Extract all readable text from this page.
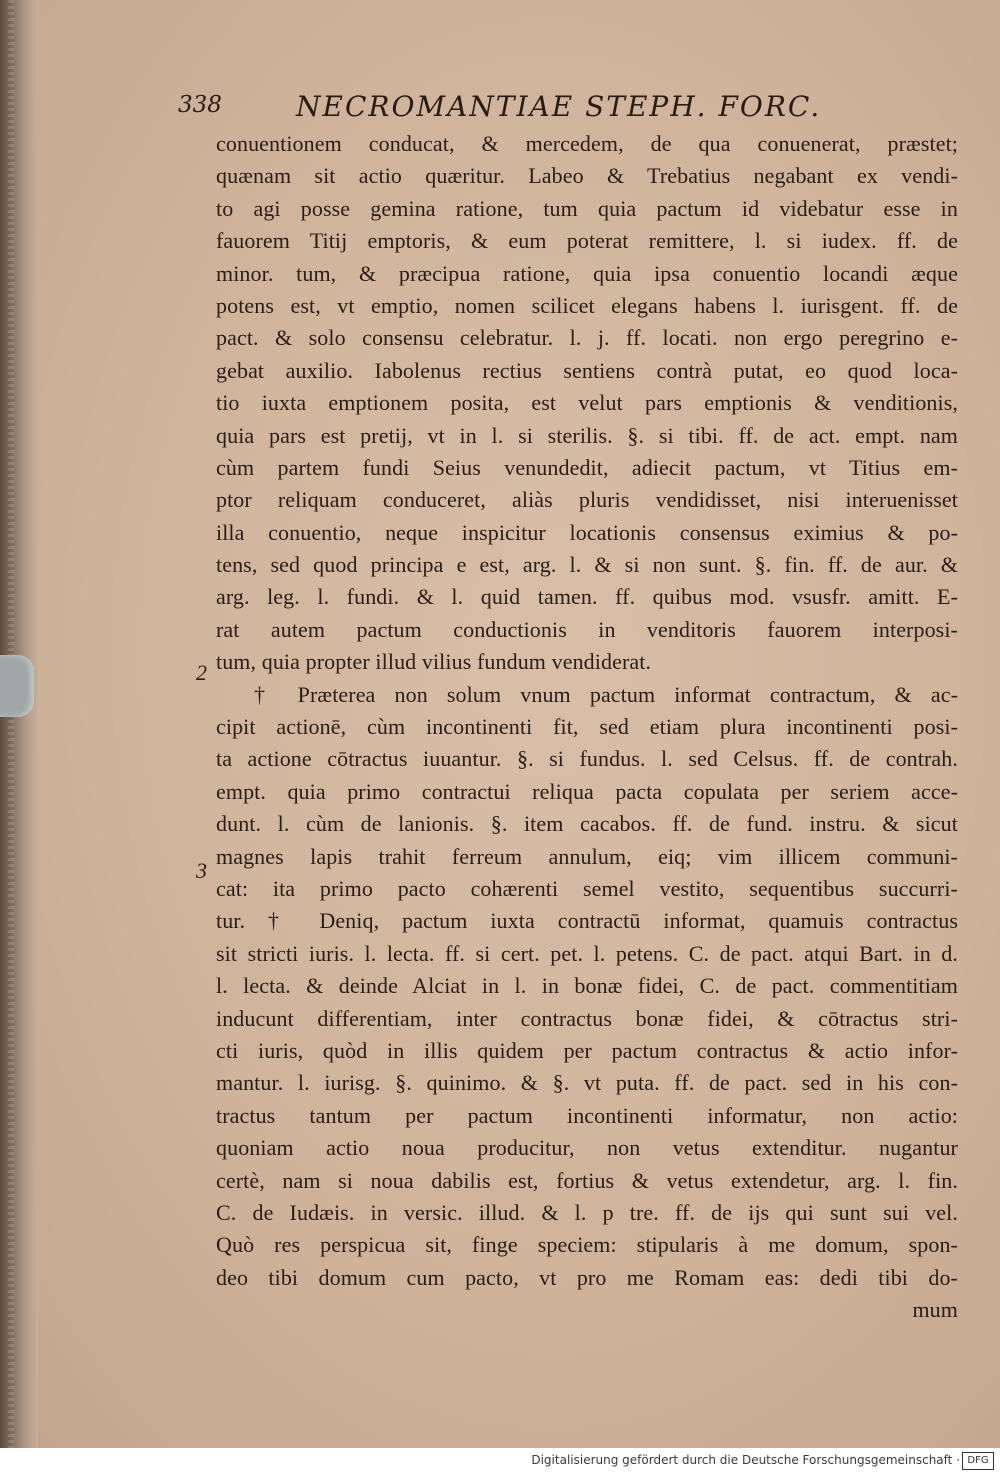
338	NECROMANTIAE STEPH. FORC.
2
3
conuentionem conducat, & mercedem, de qua conuenerat, præstet;
quænam sit actio quæritur. Labeo & Trebatius negabant ex vendi-
to agi posse gemina ratione, tum quia pactum id videbatur esse in
fauorem Titij emptoris, & eum poterat remittere, l. si iudex. ff. de
minor. tum, & præcipua ratione, quia ipsa conuentio locandi æque
potens est, vt emptio, nomen scilicet elegans habens l. iurisgent. ff. de
pact. & solo consensu celebratur. l. j. ff. locati. non ergo peregrino e-
gebat auxilio. Iabolenus rectius sentiens contrà putat, eo quod loca-
tio iuxta emptionem posita, est velut pars emptionis & venditionis,
quia pars est pretij, vt in l. si sterilis. §. si tibi. ff. de act. empt. nam
cùm partem fundi Seius venundedit, adiecit pactum, vt Titius em-
ptor reliquam conduceret, aliàs pluris vendidisset, nisi interuenisset
illa conuentio, neque inspicitur locationis consensus eximius & po-
tens, sed quod principa e est, arg. l. & si non sunt. §. fin. ff. de aur. &
arg. leg. l. fundi. & l. quid tamen. ff. quibus mod. vsusfr. amitt. E-
rat autem pactum conductionis in venditoris fauorem interposi-
tum, quia propter illud vilius fundum vendiderat.
† Præterea non solum vnum pactum informat contractum, & ac-
cipit actionē, cùm incontinenti fit, sed etiam plura incontinenti posi-
ta actione cōtractus iuuantur. §. si fundus. l. sed Celsus. ff. de contrah.
empt. quia primo contractui reliqua pacta copulata per seriem acce-
dunt. l. cùm de lanionis. §. item cacabos. ff. de fund. instru. & sicut
magnes lapis trahit ferreum annulum, eiq; vim illicem communi-
cat: ita primo pacto cohærenti semel vestito, sequentibus succurri-
tur. † Deniq, pactum iuxta contractū informat, quamuis contractus
sit stricti iuris. l. lecta. ff. si cert. pet. l. petens. C. de pact. atqui Bart. in d.
l. lecta. & deinde Alciat in l. in bonæ fidei, C. de pact. commentitiam
inducunt differentiam, inter contractus bonæ fidei, & cōtractus stri-
cti iuris, quòd in illis quidem per pactum contractus & actio infor-
mantur. l. iurisg. §. quinimo. & §. vt puta. ff. de pact. sed in his con-
tractus tantum per pactum incontinenti informatur, non actio:
quoniam actio noua producitur, non vetus extenditur. nugantur
certè, nam si noua dabilis est, fortius & vetus extendetur, arg. l. fin.
C. de Iudæis. in versic. illud. & l. p tre. ff. de ijs qui sunt sui vel.
Quò res perspicua sit, finge speciem: stipularis à me domum, spon-
deo tibi domum cum pacto, vt pro me Romam eas: dedi tibi do-
mum
Digitalisierung gefördert durch die Deutsche Forschungsgemeinschaft · DFG
